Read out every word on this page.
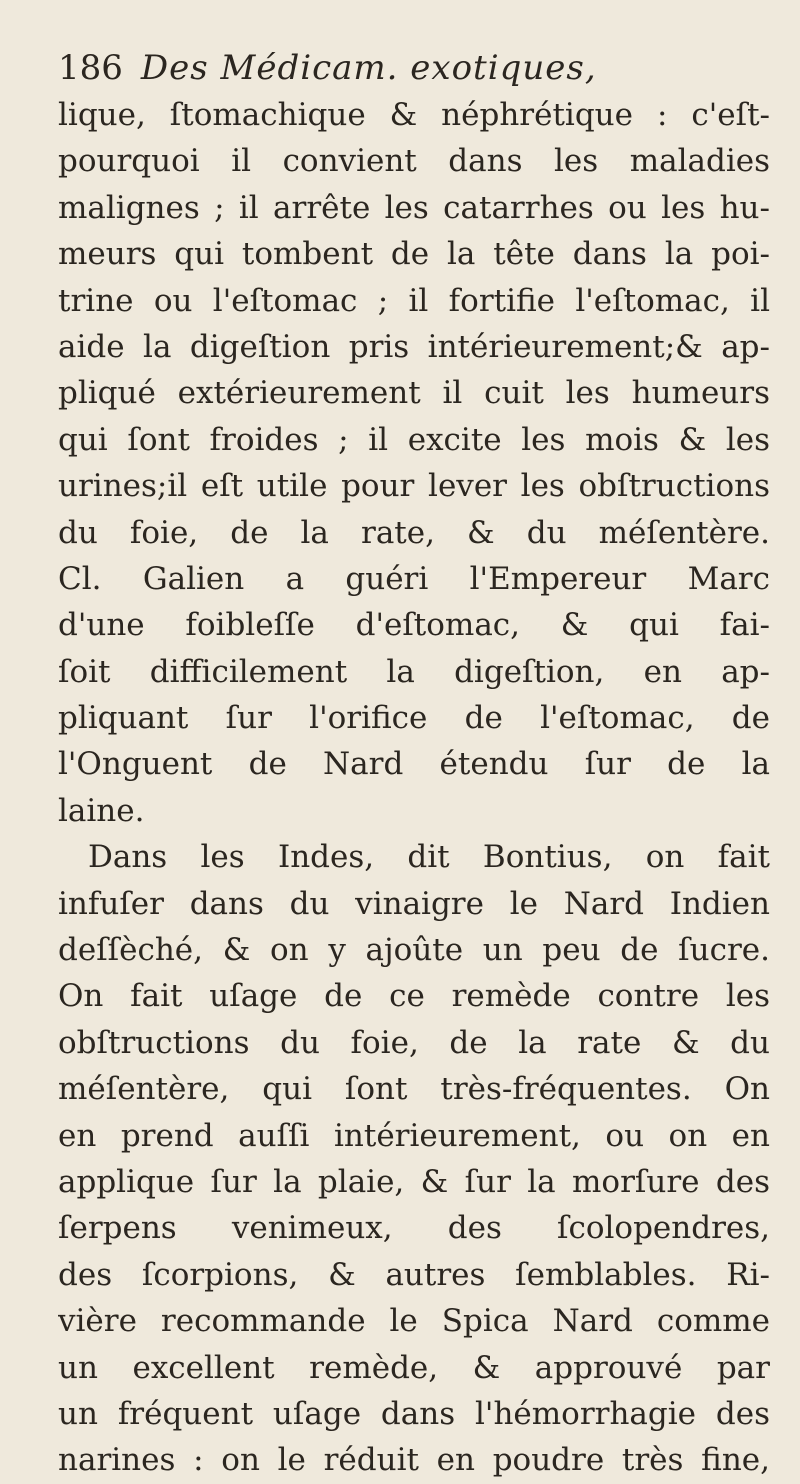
186 Des Médicam. exotiques,
lique, ſtomachique & néphrétique : c'eſt-
pourquoi il convient dans les maladies
malignes ; il arrête les catarrhes ou les hu-
meurs qui tombent de la tête dans la poi-
trine ou l'eſtomac ; il fortifie l'eſtomac, il
aide la digeſtion pris intérieurement;& ap-
pliqué extérieurement il cuit les humeurs
qui ſont froides ; il excite les mois & les
urines;il eſt utile pour lever les obſtructions
du foie, de la rate, & du méſentère.
Cl. Galien a guéri l'Empereur Marc
d'une foibleſſe d'eſtomac, & qui fai-
ſoit difficilement la digeſtion, en ap-
pliquant ſur l'orifice de l'eſtomac, de
l'Onguent de Nard étendu ſur de la
laine.
Dans les Indes, dit Bontius, on fait
infuſer dans du vinaigre le Nard Indien
deſſèché, & on y ajoûte un peu de ſucre.
On fait uſage de ce remède contre les
obſtructions du foie, de la rate & du
méſentère, qui ſont très-fréquentes. On
en prend auſſi intérieurement, ou on en
applique ſur la plaie, & ſur la morſure des
ſerpens venimeux, des ſcolopendres,
des ſcorpions, & autres ſemblables. Ri-
vière recommande le Spica Nard comme
un excellent remède, & approuvé par
un fréquent uſage dans l'hémorrhagie des
narines : on le réduit en poudre très fine,
